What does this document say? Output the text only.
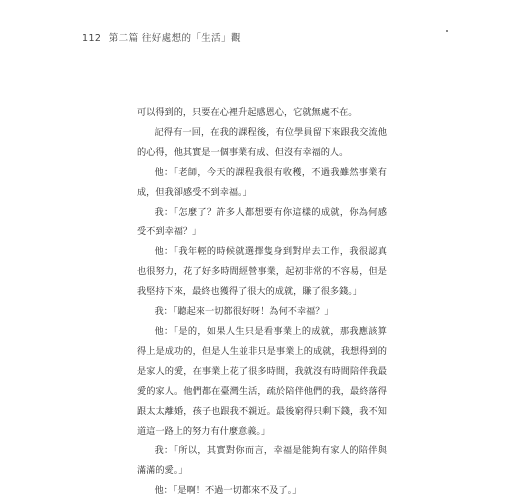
112 第二篇 往好處想的「生活」觀

可以得到的，只要在心裡升起感恩心，它就無處不在。

記得有一回，在我的課程後，有位學員留下來跟我交流他的心得，他其實是一個事業有成、但沒有幸福的人。

他：「老師，今天的課程我很有收穫，不過我雖然事業有成，但我卻感受不到幸福。」

我：「怎麼了？許多人都想要有你這樣的成就，你為何感受不到幸福？」

他：「我年輕的時候就選擇隻身到對岸去工作，我很認真也很努力，花了好多時間經營事業，起初非常的不容易，但是我堅持下來，最終也獲得了很大的成就，賺了很多錢。」

我：「聽起來一切都很好呀！為何不幸福？」

他：「是的，如果人生只是看事業上的成就，那我應該算得上是成功的，但是人生並非只是事業上的成就，我想得到的是家人的愛，在事業上花了很多時間，我就沒有時間陪伴我最愛的家人。他們都在臺灣生活，疏於陪伴他們的我，最終落得跟太太離婚，孩子也跟我不親近。最後窮得只剩下錢，我不知道這一路上的努力有什麼意義。」

我：「所以，其實對你而言，幸福是能夠有家人的陪伴與滿滿的愛。」

他：「是啊！不過一切都來不及了。」
